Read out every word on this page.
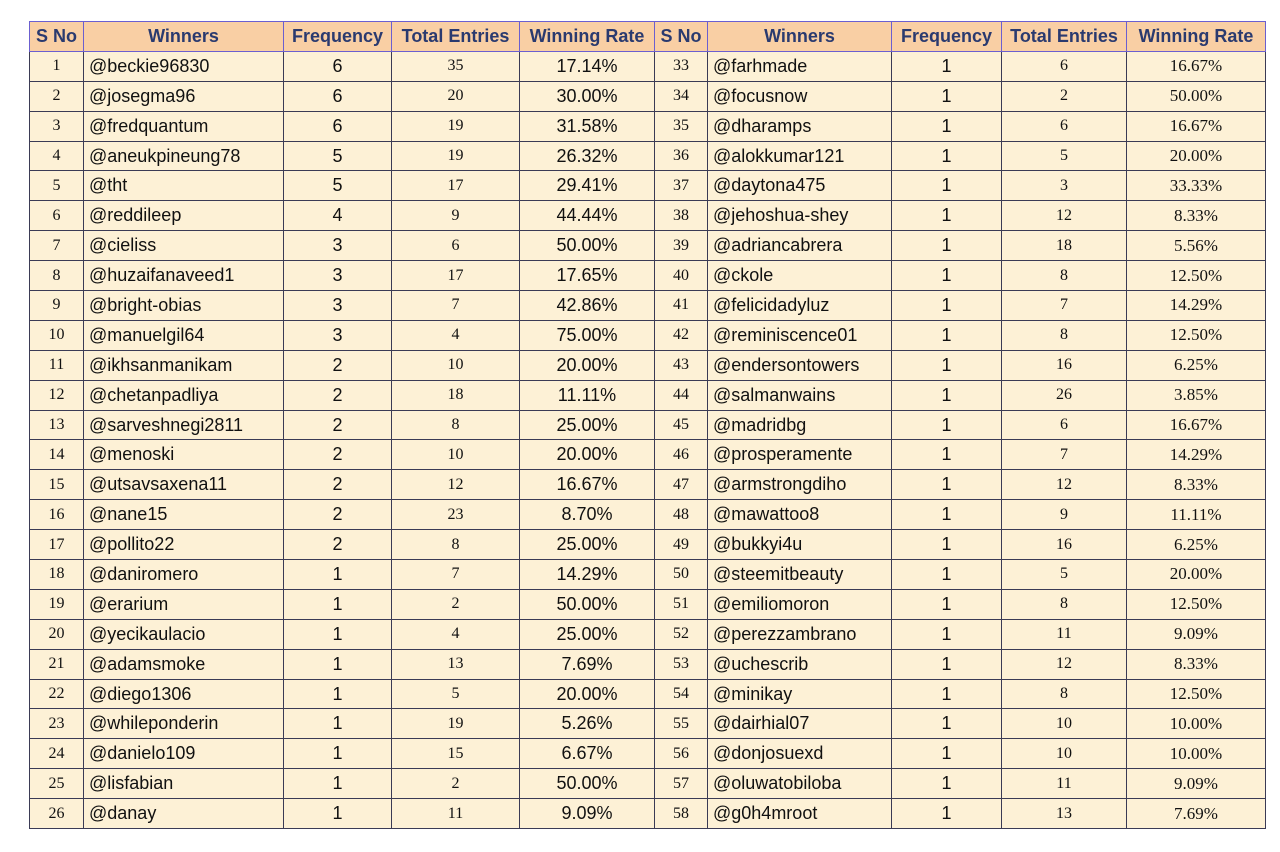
S No	Winners	Frequency	Total Entries	Winning Rate	S No	Winners	Frequency	Total Entries	Winning Rate
1	@beckie96830	6	35	17.14%	33	@farhmade	1	6	16.67%
2	@josegma96	6	20	30.00%	34	@focusnow	1	2	50.00%
3	@fredquantum	6	19	31.58%	35	@dharamps	1	6	16.67%
4	@aneukpineung78	5	19	26.32%	36	@alokkumar121	1	5	20.00%
5	@tht	5	17	29.41%	37	@daytona475	1	3	33.33%
6	@reddileep	4	9	44.44%	38	@jehoshua-shey	1	12	8.33%
7	@cieliss	3	6	50.00%	39	@adriancabrera	1	18	5.56%
8	@huzaifanaveed1	3	17	17.65%	40	@ckole	1	8	12.50%
9	@bright-obias	3	7	42.86%	41	@felicidadyluz	1	7	14.29%
10	@manuelgil64	3	4	75.00%	42	@reminiscence01	1	8	12.50%
11	@ikhsanmanikam	2	10	20.00%	43	@endersontowers	1	16	6.25%
12	@chetanpadliya	2	18	11.11%	44	@salmanwains	1	26	3.85%
13	@sarveshnegi2811	2	8	25.00%	45	@madridbg	1	6	16.67%
14	@menoski	2	10	20.00%	46	@prosperamente	1	7	14.29%
15	@utsavsaxena11	2	12	16.67%	47	@armstrongdiho	1	12	8.33%
16	@nane15	2	23	8.70%	48	@mawattoo8	1	9	11.11%
17	@pollito22	2	8	25.00%	49	@bukkyi4u	1	16	6.25%
18	@daniromero	1	7	14.29%	50	@steemitbeauty	1	5	20.00%
19	@erarium	1	2	50.00%	51	@emiliomoron	1	8	12.50%
20	@yecikaulacio	1	4	25.00%	52	@perezzambrano	1	11	9.09%
21	@adamsmoke	1	13	7.69%	53	@uchescrib	1	12	8.33%
22	@diego1306	1	5	20.00%	54	@minikay	1	8	12.50%
23	@whileponderin	1	19	5.26%	55	@dairhial07	1	10	10.00%
24	@danielo109	1	15	6.67%	56	@donjosuexd	1	10	10.00%
25	@lisfabian	1	2	50.00%	57	@oluwatobiloba	1	11	9.09%
26	@danay	1	11	9.09%	58	@g0h4mroot	1	13	7.69%
